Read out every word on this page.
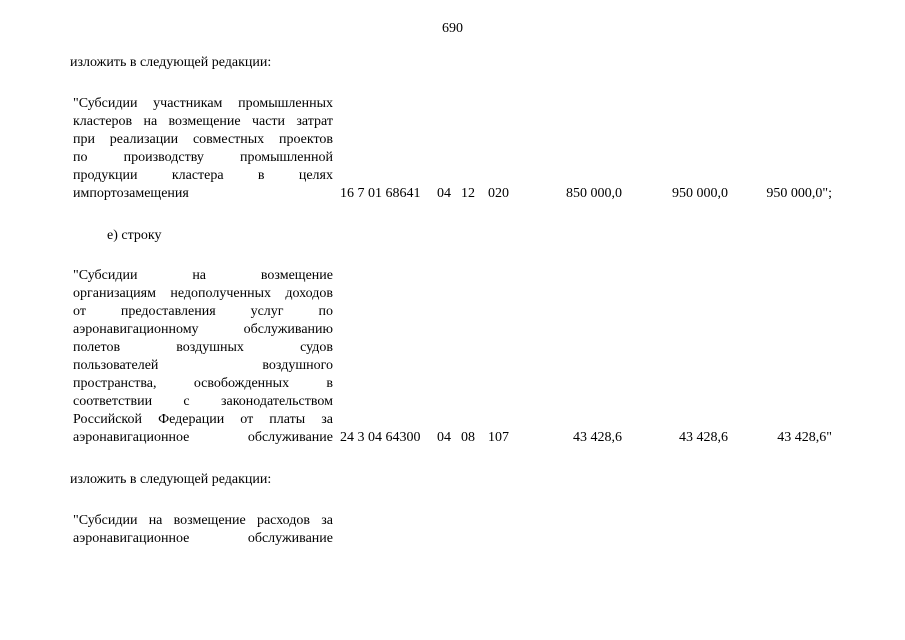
690
изложить в следующей редакции:
"Субсидии участникам промышленных
кластеров на возмещение части затрат
при реализации совместных проектов
по	производству	промышленной
продукции кластера в целях
импортозамещения	16 7 01 68641 04 12 020	850 000,0	950 000,0	950 000,0";
е) строку
"Субсидии	на	возмещение
организациям недополученных доходов
от предоставления услуг по
аэронавигационному	обслуживанию
полетов	воздушных	судов
пользователей	воздушного
пространства,	освобожденных	в
соответствии с законодательством
Российской Федерации от платы за
аэронавигационное	обслуживание 24 3 04 64300 04 08 107	43 428,6	43 428,6	43 428,6"
изложить в следующей редакции:
"Субсидии на возмещение расходов за
аэронавигационное	обслуживание
